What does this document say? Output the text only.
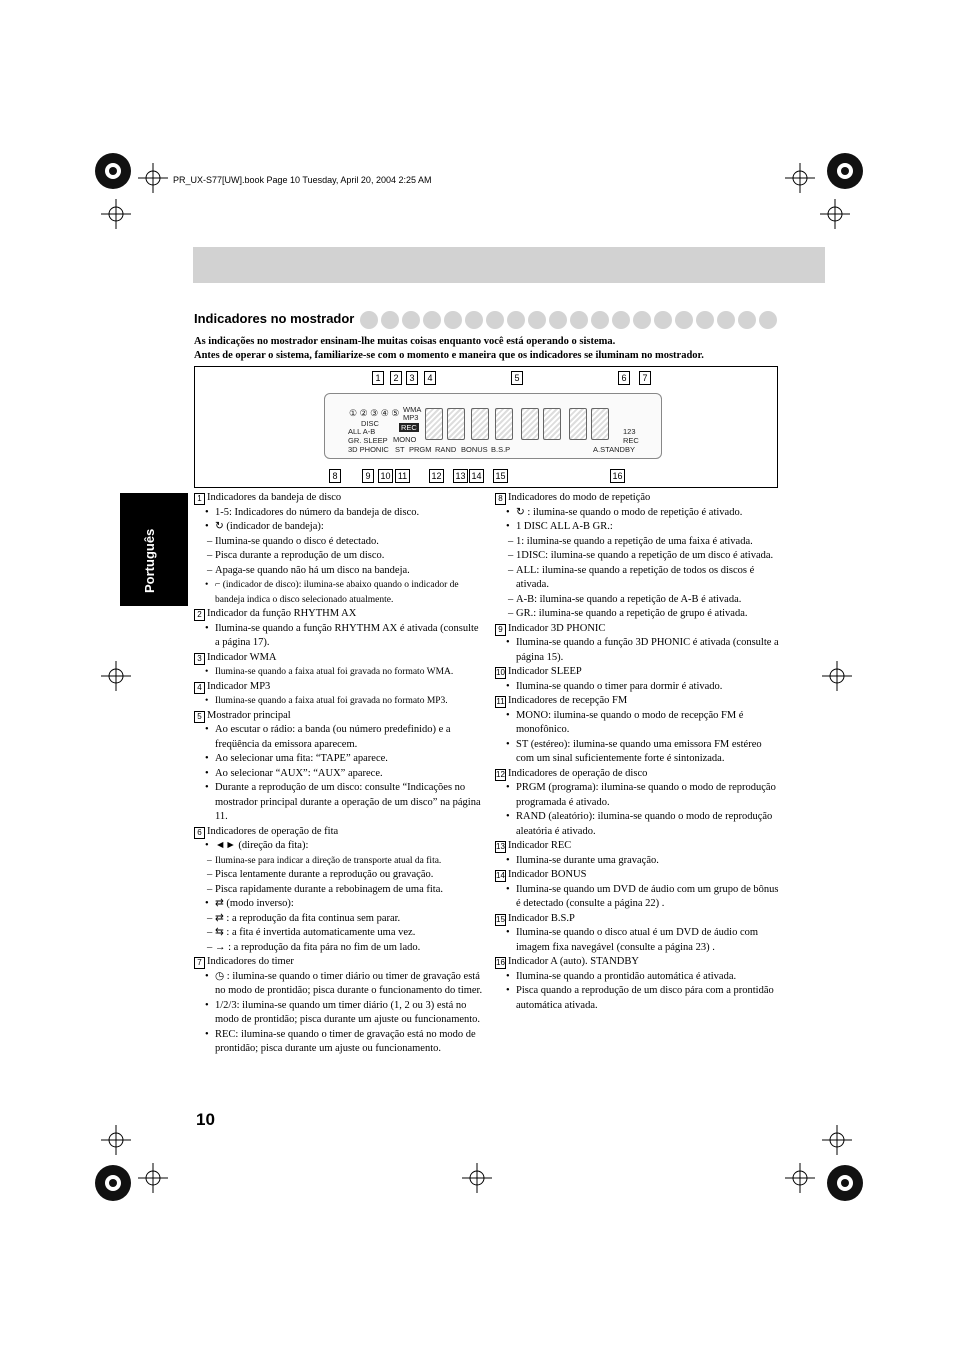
PR_UX-S77[UW].book Page 10 Tuesday, April 20, 2004 2:25 AM
Português
Indicadores no mostrador
As indicações no mostrador ensinam-lhe muitas coisas enquanto você está operando o sistema.
Antes de operar o sistema, familiarize-se com o momento e maneira que os indicadores se iluminam no mostrador.
1	2	3	4	5	6	7
8	9	10 11	12 13 14 15	16
① ② ③ ④ ⑤
DISC
ALL A-B
GR. SLEEP
WMA
MP3
REC
MONO
123
REC
3D PHONIC ST PRGM RAND BONUS B.S.P	A.STANDBY
1 Indicadores da bandeja de disco
• 1-5: Indicadores do número da bandeja de disco.
• ↻ (indicador de bandeja):
– Ilumina-se quando o disco é detectado.
– Pisca durante a reprodução de um disco.
– Apaga-se quando não há um disco na bandeja.
• ⌐ (indicador de disco): ilumina-se abaixo quando o indicador de bandeja indica o disco selecionado atualmente.
2 Indicador da função RHYTHM AX
• Ilumina-se quando a função RHYTHM AX é ativada (consulte a página 17).
3 Indicador WMA
• Ilumina-se quando a faixa atual foi gravada no formato WMA.
4 Indicador MP3
• Ilumina-se quando a faixa atual foi gravada no formato MP3.
5 Mostrador principal
• Ao escutar o rádio: a banda (ou número predefinido) e a freqüência da emissora aparecem.
• Ao selecionar uma fita: “TAPE” aparece.
• Ao selecionar “AUX”: “AUX” aparece.
• Durante a reprodução de um disco: consulte “Indicações no mostrador principal durante a operação de um disco” na página 11.
6 Indicadores de operação de fita
• ◄► (direção da fita):
– Ilumina-se para indicar a direção de transporte atual da fita.
– Pisca lentamente durante a reprodução ou gravação.
– Pisca rapidamente durante a rebobinagem de uma fita.
• ⇄ (modo inverso):
– ⇄ : a reprodução da fita continua sem parar.
– ⇆ : a fita é invertida automaticamente uma vez.
– → : a reprodução da fita pára no fim de um lado.
7 Indicadores do timer
• ◷ : ilumina-se quando o timer diário ou timer de gravação está no modo de prontidão; pisca durante o funcionamento do timer.
• 1/2/3: ilumina-se quando um timer diário (1, 2 ou 3) está no modo de prontidão; pisca durante um ajuste ou funcionamento.
• REC: ilumina-se quando o timer de gravação está no modo de prontidão; pisca durante um ajuste ou funcionamento.
8 Indicadores do modo de repetição
• ↻ : ilumina-se quando o modo de repetição é ativado.
• 1 DISC ALL A-B GR.:
– 1: ilumina-se quando a repetição de uma faixa é ativada.
– 1DISC: ilumina-se quando a repetição de um disco é ativada.
– ALL: ilumina-se quando a repetição de todos os discos é ativada.
– A-B: ilumina-se quando a repetição de A-B é ativada.
– GR.: ilumina-se quando a repetição de grupo é ativada.
9 Indicador 3D PHONIC
• Ilumina-se quando a função 3D PHONIC é ativada (consulte a página 15).
10 Indicador SLEEP
• Ilumina-se quando o timer para dormir é ativado.
11 Indicadores de recepção FM
• MONO: ilumina-se quando o modo de recepção FM é monofônico.
• ST (estéreo): ilumina-se quando uma emissora FM estéreo com um sinal suficientemente forte é sintonizada.
12 Indicadores de operação de disco
• PRGM (programa): ilumina-se quando o modo de reprodução programada é ativado.
• RAND (aleatório): ilumina-se quando o modo de reprodução aleatória é ativado.
13 Indicador REC
• Ilumina-se durante uma gravação.
14 Indicador BONUS
• Ilumina-se quando um DVD de áudio com um grupo de bônus é detectado (consulte a página 22) .
15 Indicador B.S.P
• Ilumina-se quando o disco atual é um DVD de áudio com imagem fixa navegável (consulte a página 23) .
16 Indicador A (auto). STANDBY
• Ilumina-se quando a prontidão automática é ativada.
• Pisca quando a reprodução de um disco pára com a prontidão automática ativada.
10
